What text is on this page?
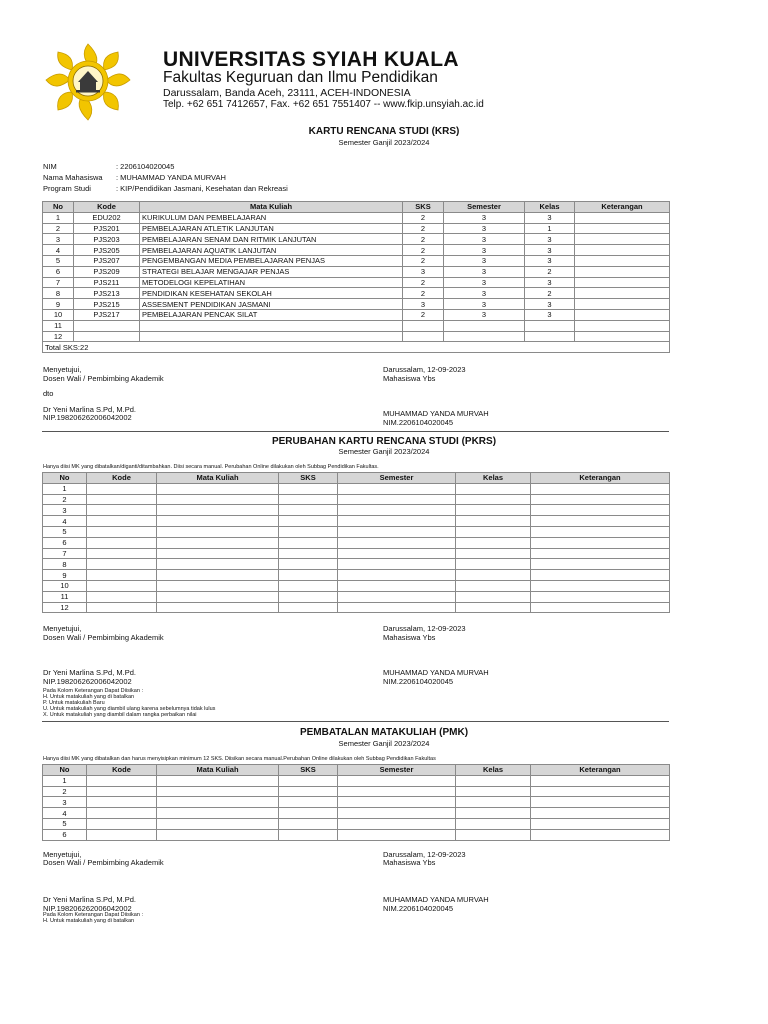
UNIVERSITAS SYIAH KUALA
Fakultas Keguruan dan Ilmu Pendidikan
Darussalam, Banda Aceh, 23111, ACEH-INDONESIA
Telp. +62 651 7412657, Fax. +62 651 7551407 -- www.fkip.unsyiah.ac.id
KARTU RENCANA STUDI (KRS)
Semester Ganjil 2023/2024
NIM	: 2206104020045
Nama Mahasiswa : MUHAMMAD YANDA MURVAH
Program Studi	: KIP/Pendidikan Jasmani, Kesehatan dan Rekreasi
No	Kode	Mata Kuliah	SKS	Semester	Kelas	Keterangan
1	EDU202	KURIKULUM DAN PEMBELAJARAN	2	3	3	
2	PJS201	PEMBELAJARAN ATLETIK LANJUTAN	2	3	1	
3	PJS203	PEMBELAJARAN SENAM DAN RITMIK LANJUTAN	2	3	3	
4	PJS205	PEMBELAJARAN AQUATIK LANJUTAN	2	3	3	
5	PJS207	PENGEMBANGAN MEDIA PEMBELAJARAN PENJAS	2	3	3	
6	PJS209	STRATEGI BELAJAR MENGAJAR PENJAS	3	3	2	
7	PJS211	METODELOGI KEPELATIHAN	2	3	3	
8	PJS213	PENDIDIKAN KESEHATAN SEKOLAH	2	3	2	
9	PJS215	ASSESMENT PENDIDIKAN JASMANI	3	3	3	
10	PJS217	PEMBELAJARAN PENCAK SILAT	2	3	3	
11						
12						
Total SKS:22						
Menyetujui,
Dosen Wali / Pembimbing Akademik
dto
Dr Yeni Marlina S.Pd, M.Pd.
NIP.198206262006042002
Darussalam, 12-09-2023
Mahasiswa Ybs
MUHAMMAD YANDA MURVAH
NIM.2206104020045
PERUBAHAN KARTU RENCANA STUDI (PKRS)
Semester Ganjil 2023/2024
Hanya diisi MK yang dibatalkan/diganti/ditambahkan. Diisi secara manual. Perubahan Online dilakukan oleh Subbag Pendidikan Fakultas.
No	Kode	Mata Kuliah	SKS	Semester	Kelas	Keterangan
1						
2						
3						
4						
5						
6						
7						
8						
9						
10						
11						
12						
Menyetujui,
Dosen Wali / Pembimbing Akademik
Dr Yeni Marlina S.Pd, M.Pd.
NIP.198206262006042002
Darussalam, 12-09-2023
Mahasiswa Ybs
MUHAMMAD YANDA MURVAH
NIM.2206104020045
Pada Kolom Keterangan Dapat Diisikan :
H. Untuk matakuliah yang di batalkan
P. Untuk matakuliah Baru
U. Untuk matakuliah yang diambil ulang karena sebelumnya tidak lulus
X. Untuk matakuliah yang diambil dalam rangka perbaikan nilai
PEMBATALAN MATAKULIAH (PMK)
Semester Ganjil 2023/2024
Hanya diisi MK yang dibatalkan dan harus menyisipkan minimum 12 SKS. Diisikan secara manual.Perubahan Online dilakukan oleh Subbag Pendidikan Fakultas
No	Kode	Mata Kuliah	SKS	Semester	Kelas	Keterangan
1						
2						
3						
4						
5						
6						
Menyetujui,
Dosen Wali / Pembimbing Akademik
Dr Yeni Marlina S.Pd, M.Pd.
NIP.198206262006042002
Darussalam, 12-09-2023
Mahasiswa Ybs
MUHAMMAD YANDA MURVAH
NIM.2206104020045
Pada Kolom Keterangan Dapat Diisikan :
H. Untuk matakuliah yang di batalkan
